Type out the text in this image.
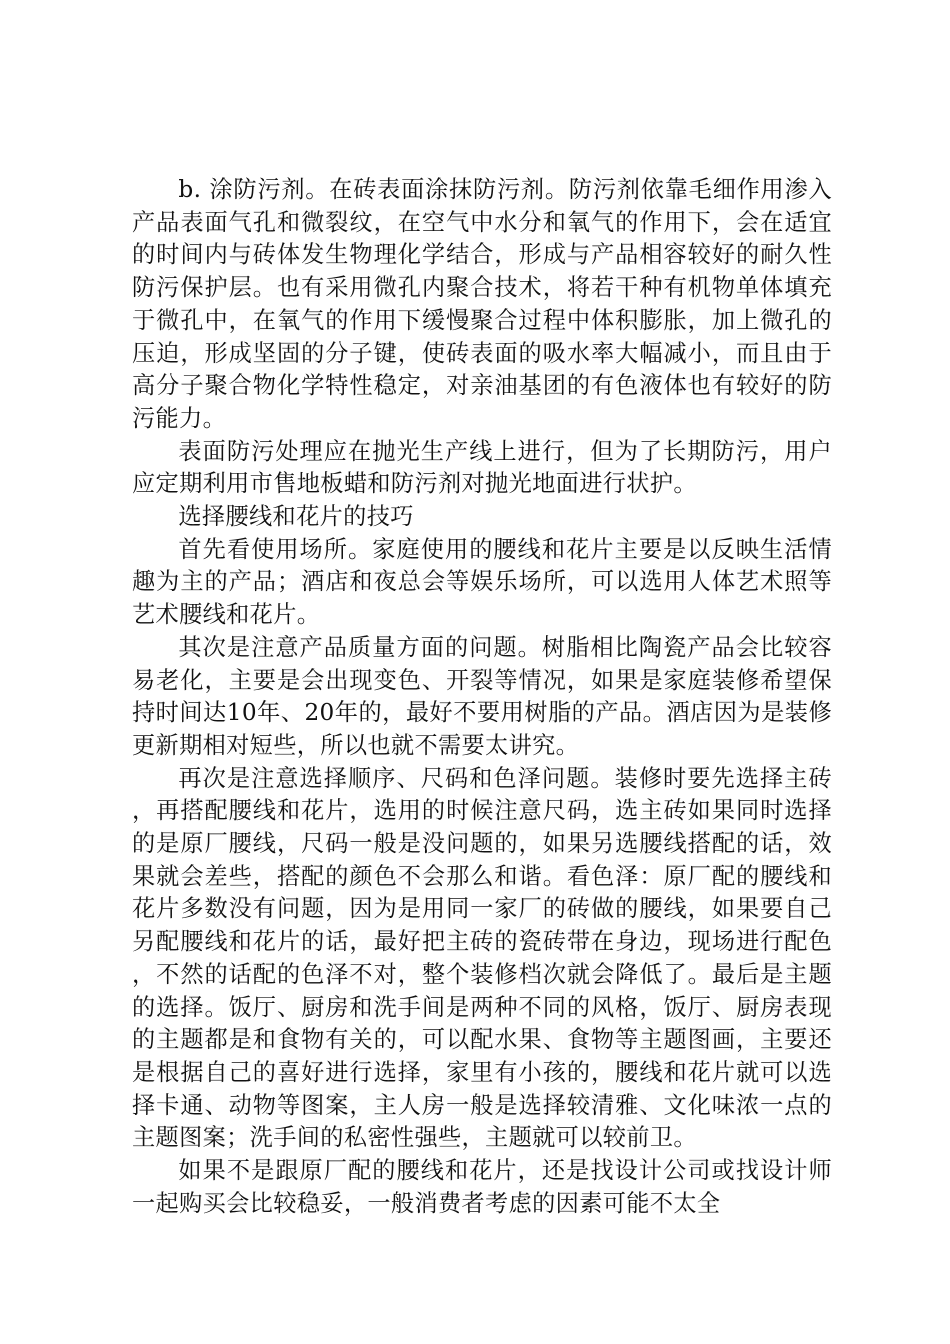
b. 涂防污剂。在砖表面涂抹防污剂。防污剂依靠毛细作用渗入产品表面气孔和微裂纹，在空气中水分和氧气的作用下，会在适宜的时间内与砖体发生物理化学结合，形成与产品相容较好的耐久性防污保护层。也有采用微孔内聚合技术，将若干种有机物单体填充于微孔中，在氧气的作用下缓慢聚合过程中体积膨胀，加上微孔的压迫，形成坚固的分子键，使砖表面的吸水率大幅减小，而且由于高分子聚合物化学特性稳定，对亲油基团的有色液体也有较好的防污能力。

表面防污处理应在抛光生产线上进行，但为了长期防污，用户应定期利用市售地板蜡和防污剂对抛光地面进行状护。

选择腰线和花片的技巧

首先看使用场所。家庭使用的腰线和花片主要是以反映生活情趣为主的产品；酒店和夜总会等娱乐场所，可以选用人体艺术照等艺术腰线和花片。

其次是注意产品质量方面的问题。树脂相比陶瓷产品会比较容易老化，主要是会出现变色、开裂等情况，如果是家庭装修希望保持时间达10年、20年的，最好不要用树脂的产品。酒店因为是装修更新期相对短些，所以也就不需要太讲究。

再次是注意选择顺序、尺码和色泽问题。装修时要先选择主砖，再搭配腰线和花片，选用的时候注意尺码，选主砖如果同时选择的是原厂腰线，尺码一般是没问题的，如果另选腰线搭配的话，效果就会差些，搭配的颜色不会那么和谐。看色泽：原厂配的腰线和花片多数没有问题，因为是用同一家厂的砖做的腰线，如果要自己另配腰线和花片的话，最好把主砖的瓷砖带在身边，现场进行配色，不然的话配的色泽不对，整个装修档次就会降低了。最后是主题的选择。饭厅、厨房和洗手间是两种不同的风格，饭厅、厨房表现的主题都是和食物有关的，可以配水果、食物等主题图画，主要还是根据自己的喜好进行选择，家里有小孩的，腰线和花片就可以选择卡通、动物等图案，主人房一般是选择较清雅、文化味浓一点的主题图案；洗手间的私密性强些，主题就可以较前卫。

如果不是跟原厂配的腰线和花片，还是找设计公司或找设计师一起购买会比较稳妥，一般消费者考虑的因素可能不太全
